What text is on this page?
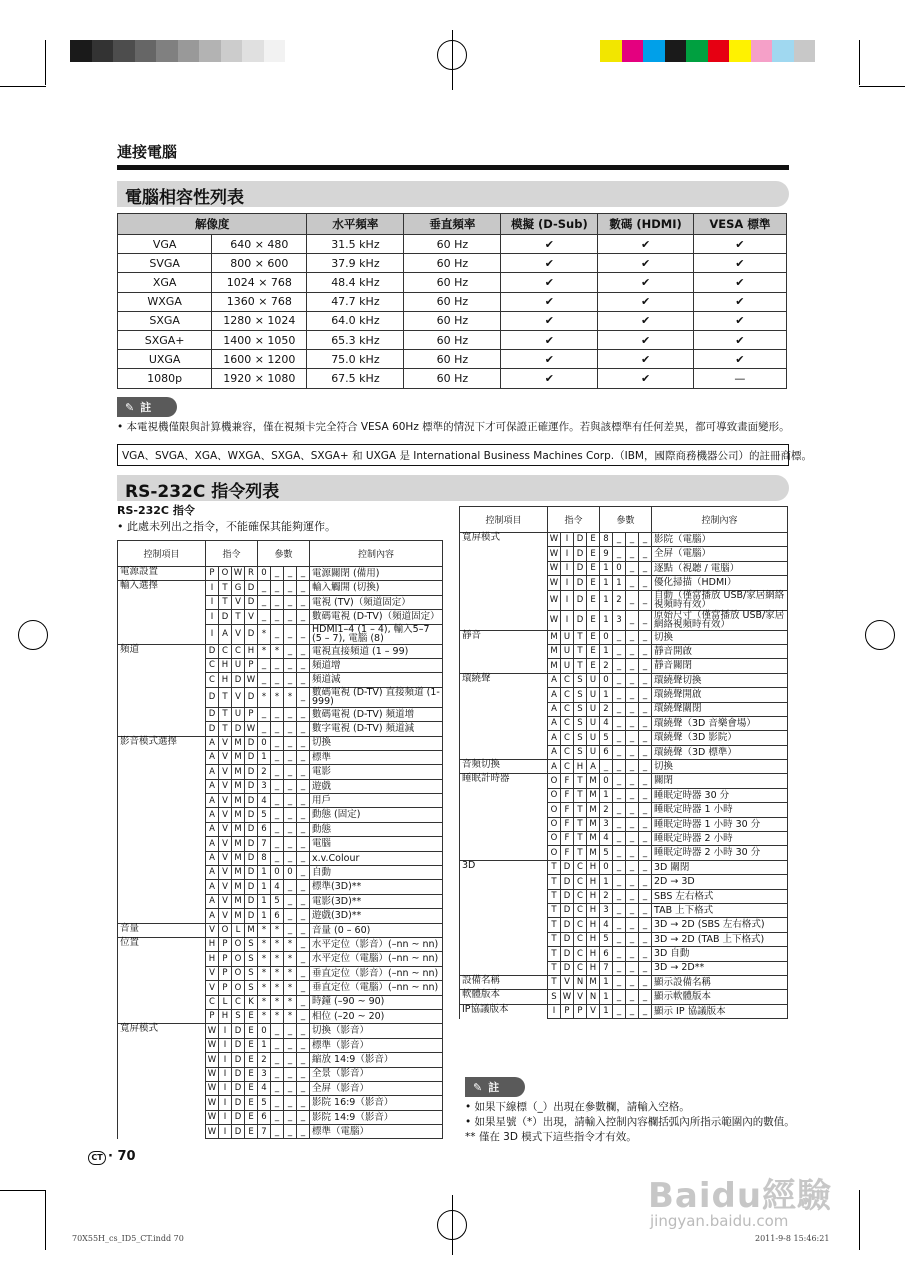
連接電腦
電腦相容性列表
解像度		水平頻率	垂直頻率	模擬 (D-Sub)	數碼 (HDMI)	VESA 標準
VGA	640 × 480	31.5 kHz	60 Hz	✔	✔	✔
SVGA	800 × 600	37.9 kHz	60 Hz	✔	✔	✔
XGA	1024 × 768	48.4 kHz	60 Hz	✔	✔	✔
WXGA	1360 × 768	47.7 kHz	60 Hz	✔	✔	✔
SXGA	1280 × 1024	64.0 kHz	60 Hz	✔	✔	✔
SXGA+	1400 × 1050	65.3 kHz	60 Hz	✔	✔	✔
UXGA	1600 × 1200	75.0 kHz	60 Hz	✔	✔	✔
1080p	1920 × 1080	67.5 kHz	60 Hz	✔	✔	—
✎ 註
• 本電視機僅限與計算機兼容，僅在視頻卡完全符合 VESA 60Hz 標準的情況下才可保證正確運作。若與該標準有任何差異，都可導致畫面變形。
VGA、SVGA、XGA、WXGA、SXGA、SXGA+ 和 UXGA 是 International Business Machines Corp.（IBM，國際商務機器公司）的註冊商標。
RS-232C 指令列表
RS-232C 指令
• 此處未列出之指令，不能確保其能夠運作。
控制項目	指令				參數				控制內容
電源設置	P	O	W	R	0	_	_	_	電源關閉 (備用)
輸入選擇	I	T	G	D	_	_	_	_	輸入觸開 (切換)
	I	T	V	D	_	_	_	_	電視 (TV)（頻道固定）
	I	D	T	V	_	_	_	_	數碼電視 (D-TV)（頻道固定）
	I	A	V	D	*	_	_	_	HDMI1–4 (1 – 4), 輸入5–7 (5 – 7), 電腦 (8)
頻道	D	C	C	H	*	*	_	_	電視直接頻道 (1 – 99)
	C	H	U	P	_	_	_	_	頻道增
	C	H	D	W	_	_	_	_	頻道減
	D	T	V	D	*	*	*	_	數碼電視 (D-TV) 直接頻道 (1-999)
	D	T	U	P	_	_	_	_	數碼電視 (D-TV) 頻道增
	D	T	D	W	_	_	_	_	數字電視 (D-TV) 頻道減
影音模式選擇	A	V	M	D	0	_	_	_	切換
	A	V	M	D	1	_	_	_	標準
	A	V	M	D	2	_	_	_	電影
	A	V	M	D	3	_	_	_	遊戲
	A	V	M	D	4	_	_	_	用戶
	A	V	M	D	5	_	_	_	動態 (固定)
	A	V	M	D	6	_	_	_	動態
	A	V	M	D	7	_	_	_	電腦
	A	V	M	D	8	_	_	_	x.v.Colour
	A	V	M	D	1	0	0	_	自動
	A	V	M	D	1	4	_	_	標準(3D)**
	A	V	M	D	1	5	_	_	電影(3D)**
	A	V	M	D	1	6	_	_	遊戲(3D)**
音量	V	O	L	M	*	*	_	_	音量 (0 – 60)
位置	H	P	O	S	*	*	*	_	水平定位（影音）(–nn ~ nn)
	H	P	O	S	*	*	*	_	水平定位（電腦）(–nn ~ nn)
	V	P	O	S	*	*	*	_	垂直定位（影音）(–nn ~ nn)
	V	P	O	S	*	*	*	_	垂直定位（電腦）(–nn ~ nn)
	C	L	C	K	*	*	*	_	時鐘 (–90 ~ 90)
	P	H	S	E	*	*	*	_	相位 (–20 ~ 20)
寬屏模式	W	I	D	E	0	_	_	_	切換（影音）
	W	I	D	E	1	_	_	_	標準（影音）
	W	I	D	E	2	_	_	_	縮放 14:9（影音）
	W	I	D	E	3	_	_	_	全景（影音）
	W	I	D	E	4	_	_	_	全屏（影音）
	W	I	D	E	5	_	_	_	影院 16:9（影音）
	W	I	D	E	6	_	_	_	影院 14:9（影音）
	W	I	D	E	7	_	_	_	標準（電腦）
控制項目	指令				參數				控制內容
寬屏模式	W	I	D	E	8	_	_	_	影院（電腦）
	W	I	D	E	9	_	_	_	全屏（電腦）
	W	I	D	E	1	0	_	_	逐點（視聽 / 電腦）
	W	I	D	E	1	1	_	_	優化掃描（HDMI）
	W	I	D	E	1	2	_	_	自動（僅當播放 USB/家居網絡視頻時有效）
	W	I	D	E	1	3	_	_	原始尺寸（僅當播放 USB/家居網絡視頻時有效）
靜音	M	U	T	E	0	_	_	_	切換
	M	U	T	E	1	_	_	_	靜音開啟
	M	U	T	E	2	_	_	_	靜音關閉
環繞聲	A	C	S	U	0	_	_	_	環繞聲切換
	A	C	S	U	1	_	_	_	環繞聲開啟
	A	C	S	U	2	_	_	_	環繞聲關閉
	A	C	S	U	4	_	_	_	環繞聲（3D 音樂會場）
	A	C	S	U	5	_	_	_	環繞聲（3D 影院）
	A	C	S	U	6	_	_	_	環繞聲（3D 標準）
音頻切換	A	C	H	A	_	_	_	_	切換
睡眠計時器	O	F	T	M	0	_	_	_	關閉
	O	F	T	M	1	_	_	_	睡眠定時器 30 分
	O	F	T	M	2	_	_	_	睡眠定時器 1 小時
	O	F	T	M	3	_	_	_	睡眠定時器 1 小時 30 分
	O	F	T	M	4	_	_	_	睡眠定時器 2 小時
	O	F	T	M	5	_	_	_	睡眠定時器 2 小時 30 分
3D	T	D	C	H	0	_	_	_	3D 關閉
	T	D	C	H	1	_	_	_	2D → 3D
	T	D	C	H	2	_	_	_	SBS 左右格式
	T	D	C	H	3	_	_	_	TAB 上下格式
	T	D	C	H	4	_	_	_	3D → 2D (SBS 左右格式)
	T	D	C	H	5	_	_	_	3D → 2D (TAB 上下格式)
	T	D	C	H	6	_	_	_	3D 自動
	T	D	C	H	7	_	_	_	3D → 2D**
設備名稱	T	V	N	M	1	_	_	_	顯示設備名稱
軟體版本	S	W	V	N	1	_	_	_	顯示軟體版本
IP協議版本	I	P	P	V	1	_	_	_	顯示 IP 協議版本
✎ 註
• 如果下線標（_）出現在參數欄，請輸入空格。
• 如果星號（*）出現，請輸入控制內容欄括弧內所指示範圍內的數值。
** 僅在 3D 模式下這些指令才有效。
CT · 70
70X55H_cs_ID5_CT.indd 70	2011-9-8 15:46:21
Baidu經驗
jingyan.baidu.com
